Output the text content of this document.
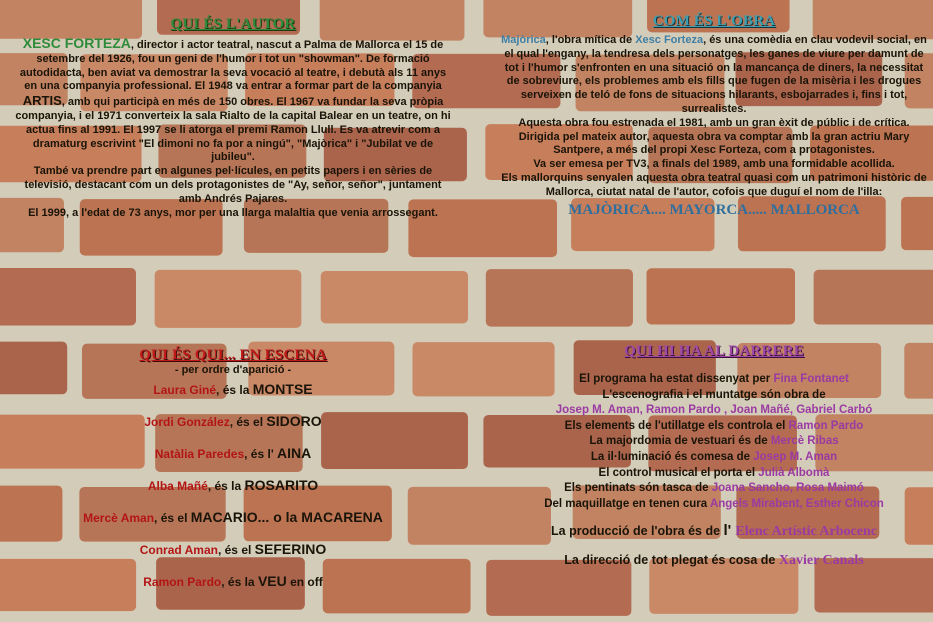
QUI ÉS L'AUTOR

XESC FORTEZA, director i actor teatral, nascut a Palma de Mallorca el 15 de setembre del 1926, fou un geni de l'humor i tot un "showman". De formació autodidacta, ben aviat va demostrar la seva vocació al teatre, i debutà als 11 anys en una companyia professional. El 1948 va entrar a formar part de la companyia ARTIS, amb qui participà en més de 150 obres. El 1967 va fundar la seva pròpia companyia, i el 1971 converteix la sala Rialto de la capital Balear en un teatre, on hi actua fins al 1991. El 1997 se li atorga el premi Ramon Llull. Es va atrevir com a dramaturg escrivint "El dimoni no fa por a ningú", "Majòrica" i "Jubilat ve de jubileu".

També va prendre part en algunes pel·lícules, en petits papers i en sèries de televisió, destacant com un dels protagonistes de "Ay, señor, señor", juntament amb Andrés Pajares.

El 1999, a l'edat de 73 anys, mor per una llarga malaltia que venia arrossegant.

COM ÉS L'OBRA

Majòrica, l'obra mítica de Xesc Forteza, és una comèdia en clau vodevil social, en el qual l'engany, la tendresa dels personatges, les ganes de viure per damunt de tot i l'humor s'enfronten en una situació on la mancança de diners, la necessitat de sobreviure, els problemes amb els fills que fugen de la misèria i les drogues serveixen de teló de fons de situacions hilarants, esbojarrades i, fins i tot, surrealistes.

Aquesta obra fou estrenada el 1981, amb un gran èxit de públic i de crítica. Dirigida pel mateix autor, aquesta obra va comptar amb la gran actriu Mary Santpere, a més del propi Xesc Forteza, com a protagonistes.

Va ser emesa per TV3, a finals del 1989, amb una formidable acollida.

Els mallorquins senyalen aquesta obra teatral quasi com un patrimoni històric de Mallorca, ciutat natal de l'autor, cofois que duguí el nom de l'illa:

MAJÒRICA.... MAYORCA..... MALLORCA
QUI ÉS QUI... EN ESCENA
- per ordre d'aparició -

Laura Giné, és la MONTSE

Jordi González, és el SIDORO

Natàlia Paredes, és l' AINA

Alba Mañé, és la ROSARITO

Mercè Aman, és el MACARIO... o la MACARENA

Conrad Aman, és el SEFERINO

Ramon Pardo, és la VEU en off

QUI HI HA AL DARRERE

El programa ha estat dissenyat per Fina Fontanet

L'escenografia i el muntatge són obra de

Josep M. Aman, Ramon Pardo , Joan Mañé, Gabriel Carbó

Els elements de l'utillatge els controla el Ramon Pardo

La majordomia de vestuari és de Mercè Ribas

La il·luminació és comesa de Josep M. Aman

El control musical el porta el Julià Albomà

Els pentinats són tasca de Joana Sancho, Rosa Maimó

Del maquillatge en tenen cura Angels Mirabent, Esther Chicon

La producció de l'obra és de l' Elenc Artístic Arbocenc

La direcció de tot plegat és cosa de Xavier Canals
